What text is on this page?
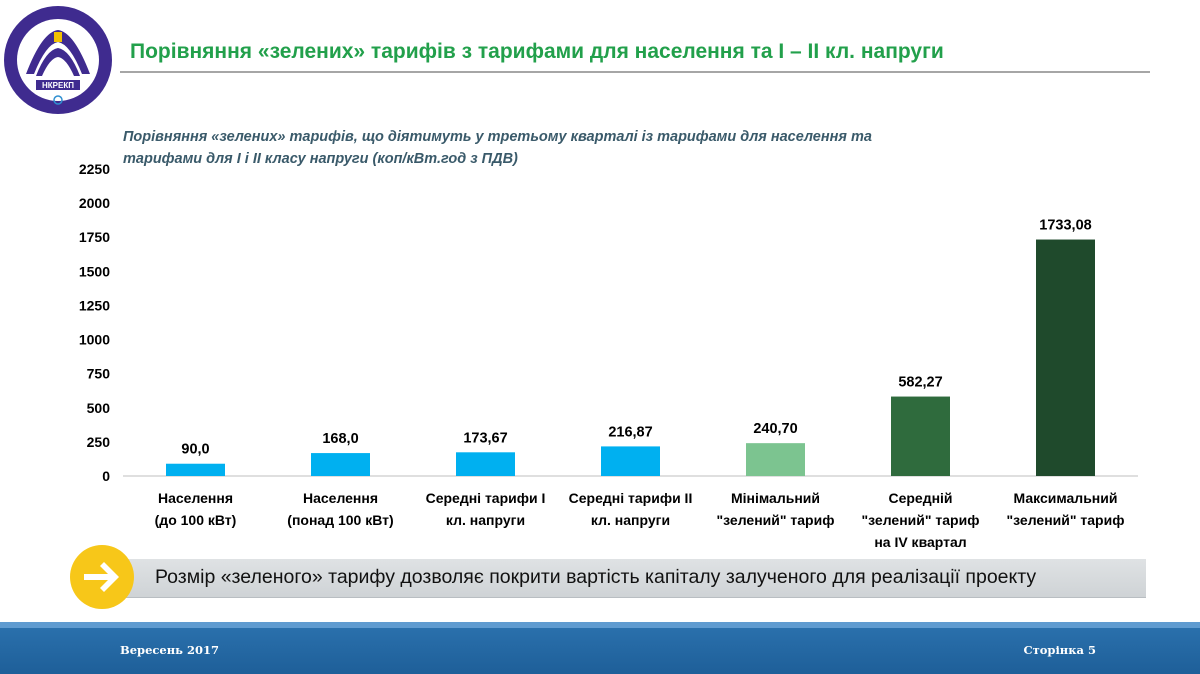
НКРЕКП
Порівняння «зелених» тарифів з тарифами для населення та І – ІІ кл. напруги

Порівняння «зелених» тарифів, що діятимуть у третьому кварталі із тарифами для населення та тарифами для І і ІІ класу напруги (коп/кВт.год з ПДВ)

0
250
500
750
1000
1250
1500
1750
2000
2250
90,0
168,0	173,67	216,87	240,70
582,27
1733,08
Населення
(до 100 кВт)
Населення
(понад 100 кВт)
Середні тарифи І
кл. напруги
Середні тарифи ІІ
кл. напруги
Мінімальний
"зелений" тариф
Середній
"зелений" тариф
на IV квартал
Максимальний
"зелений" тариф
Розмір «зеленого» тарифу дозволяє покрити вартість капіталу залученого для реалізації проекту
Вересень 2017	Сторінка 5
